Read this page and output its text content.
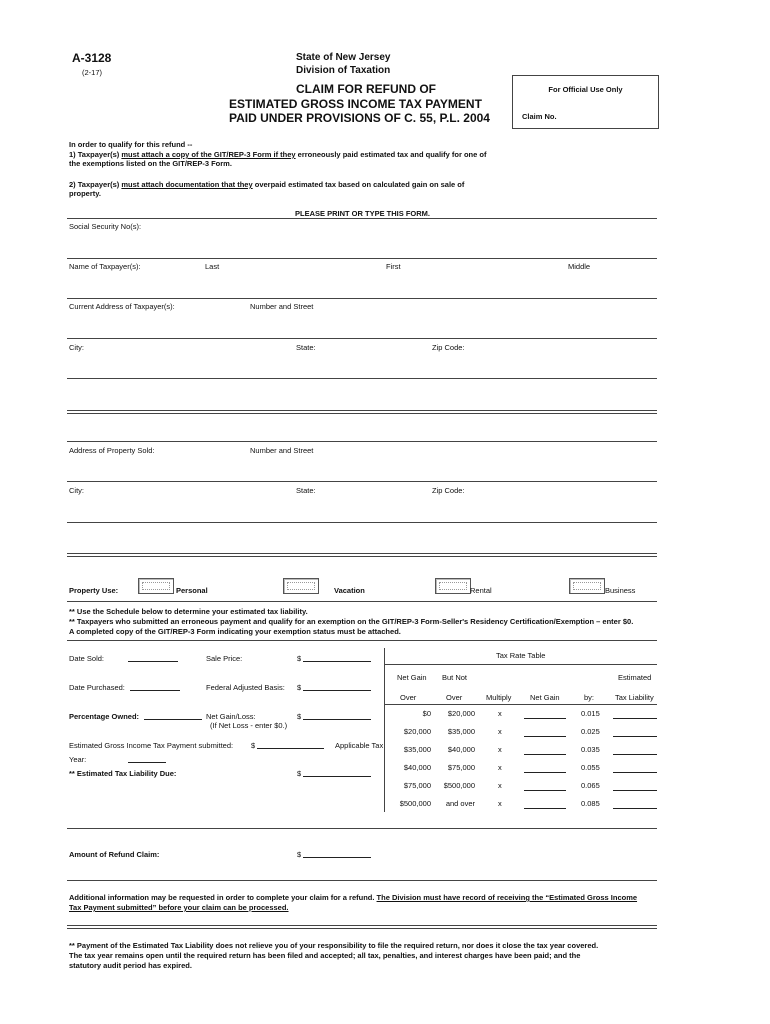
A-3128
(2-17)
State of New Jersey
Division of Taxation
CLAIM FOR REFUND OF
ESTIMATED GROSS INCOME TAX PAYMENT
PAID UNDER PROVISIONS OF C. 55, P.L. 2004
For Official Use Only
Claim No.
In order to qualify for this refund --
1) Taxpayer(s) must attach a copy of the GIT/REP-3 Form if they erroneously paid estimated tax and qualify for one of
the exemptions listed on the GIT/REP-3 Form.
2) Taxpayer(s) must attach documentation that they overpaid estimated tax based on calculated gain on sale of
property.
PLEASE PRINT OR TYPE THIS FORM.
Social Security No(s):
Name of Taxpayer(s):	Last	First	Middle
Current Address of Taxpayer(s):	Number and Street
City:	State:	Zip Code:
Address of Property Sold:	Number and Street
City:	State:	Zip Code:
Property Use:	Personal	Vacation	Rental	Business
** Use the Schedule below to determine your estimated tax liability.
** Taxpayers who submitted an erroneous payment and qualify for an exemption on the GIT/REP-3 Form-Seller's Residency Certification/Exemption – enter $0.
A completed copy of the GIT/REP-3 Form indicating your exemption status must be attached.
Date Sold:	Sale Price:	$
Date Purchased:	Federal Adjusted Basis: $
Percentage Owned:	Net Gain/Loss:
(If Net Loss - enter $0.)
$
Estimated Gross Income Tax Payment submitted: $	Applicable Tax
Year:
** Estimated Tax Liability Due:	$
Tax Rate Table
Net Gain But Not	Estimated
Over	Over	Multiply Net Gain	by:	Tax Liability
$0 $20,000	x	0.015
$20,000 $35,000	x	0.025
$35,000 $40,000	x	0.035
$40,000 $75,000	x	0.055
$75,000 $500,000	x	0.065
$500,000 and over	x	0.085
Amount of Refund Claim:	$
Additional information may be requested in order to complete your claim for a refund. The Division must have record of receiving the “Estimated Gross Income
Tax Payment submitted” before your claim can be processed.
** Payment of the Estimated Tax Liability does not relieve you of your responsibility to file the required return, nor does it close the tax year covered.
The tax year remains open until the required return has been filed and accepted; all tax, penalties, and interest charges have been paid; and the
statutory audit period has expired.
